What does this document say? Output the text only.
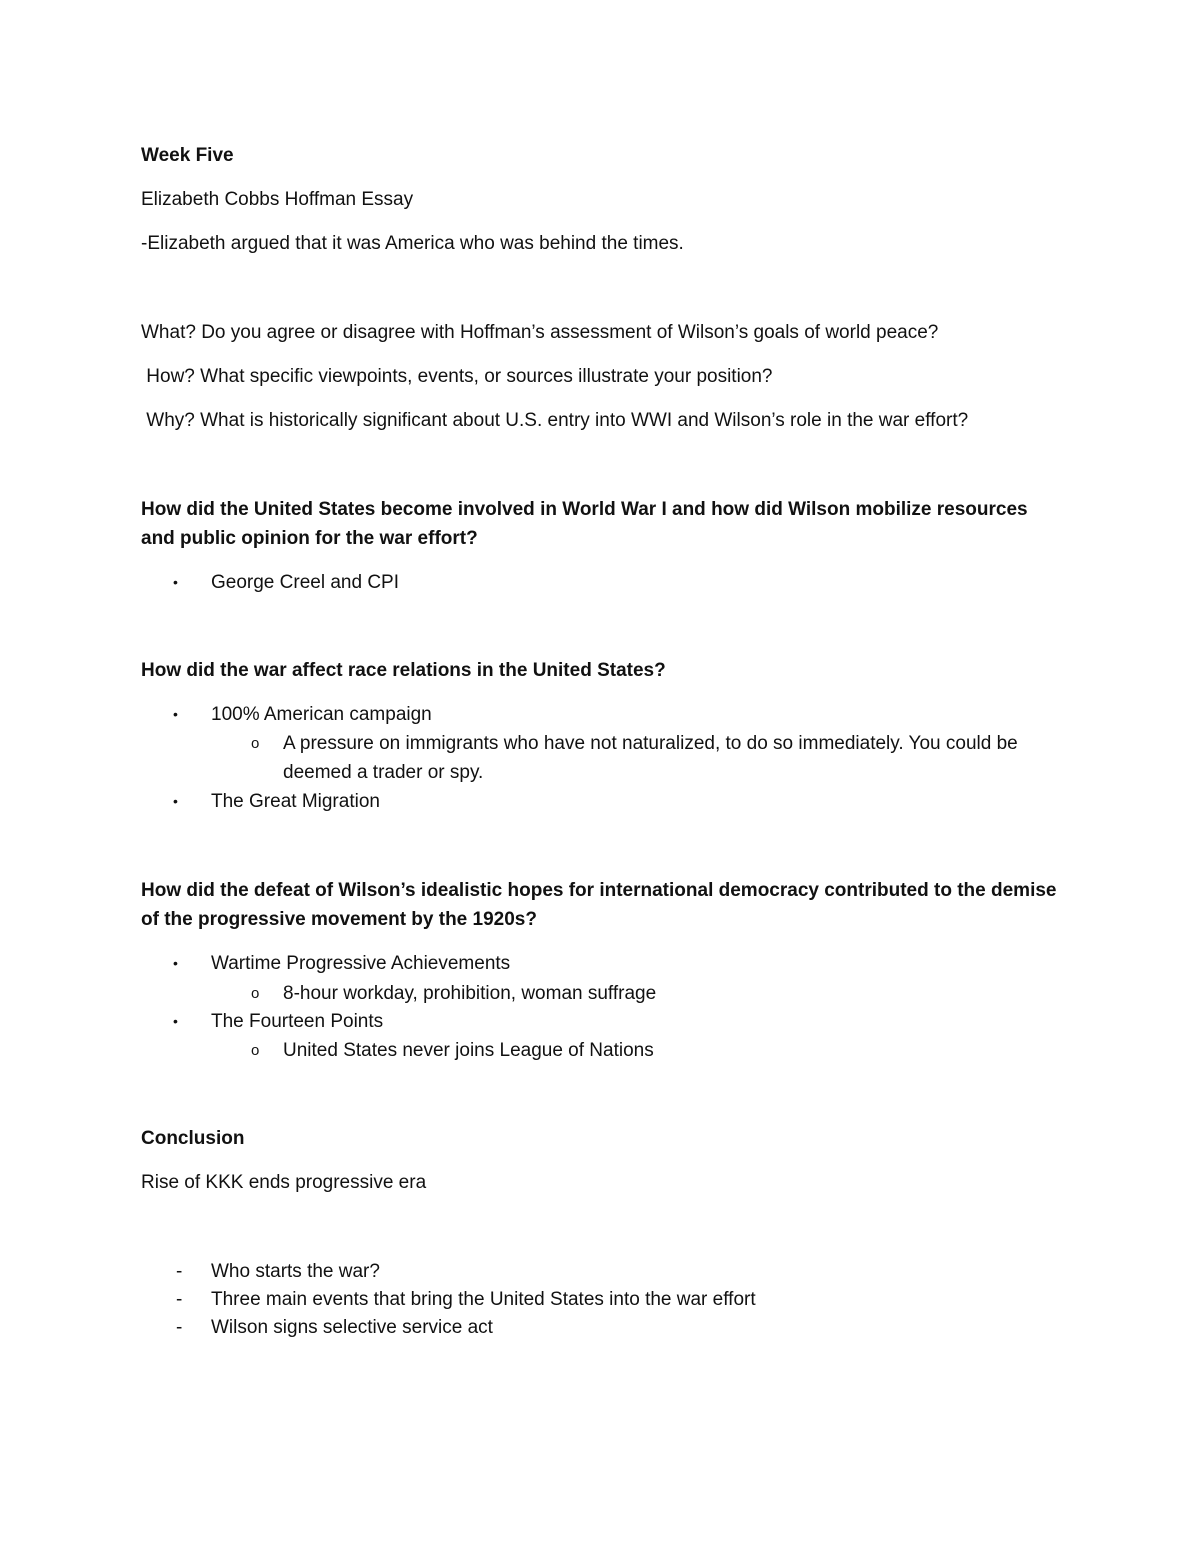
Week Five
Elizabeth Cobbs Hoffman Essay
-Elizabeth argued that it was America who was behind the times.
What? Do you agree or disagree with Hoffman’s assessment of Wilson’s goals of world peace?
How? What specific viewpoints, events, or sources illustrate your position?
Why? What is historically significant about U.S. entry into WWI and Wilson’s role in the war effort?
How did the United States become involved in World War I and how did Wilson mobilize resources
and public opinion for the war effort?
• George Creel and CPI
How did the war affect race relations in the United States?
• 100% American campaign
o A pressure on immigrants who have not naturalized, to do so immediately. You could be
deemed a trader or spy.
• The Great Migration
How did the defeat of Wilson’s idealistic hopes for international democracy contributed to the demise
of the progressive movement by the 1920s?
• Wartime Progressive Achievements
o 8-hour workday, prohibition, woman suffrage
• The Fourteen Points
o United States never joins League of Nations
Conclusion
Rise of KKK ends progressive era
- Who starts the war?
- Three main events that bring the United States into the war effort
- Wilson signs selective service act
